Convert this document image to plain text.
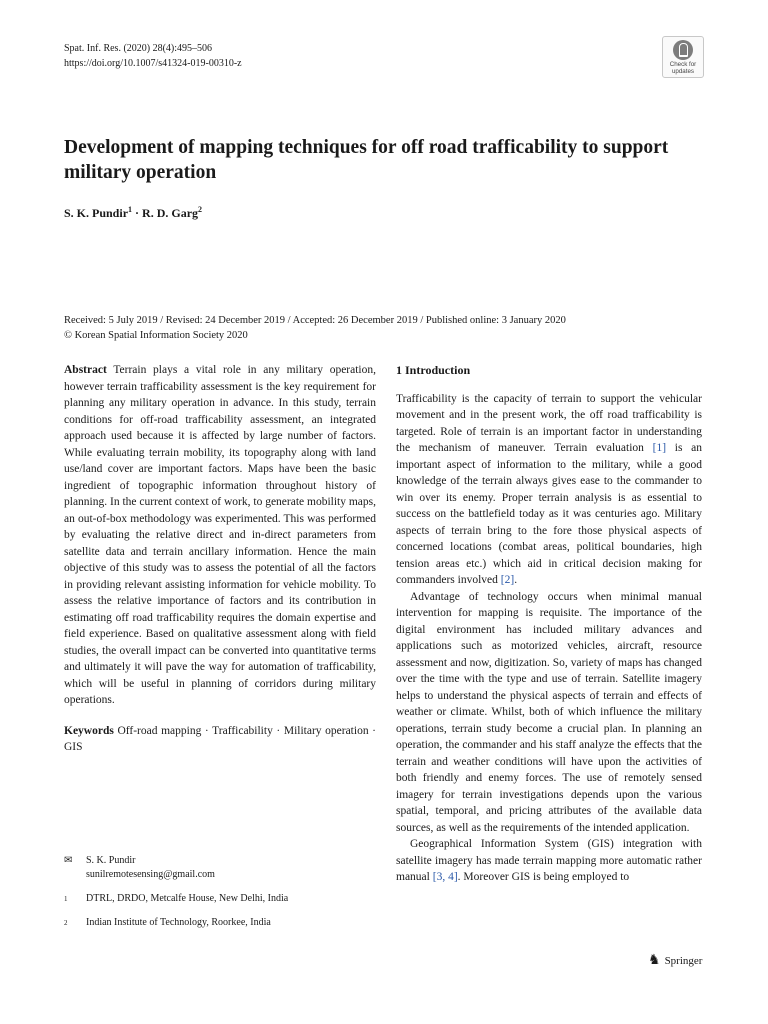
Spat. Inf. Res. (2020) 28(4):495–506
https://doi.org/10.1007/s41324-019-00310-z	Check for updates
Development of mapping techniques for off road trafficability to support military operation
S. K. Pundir$^1$ · R. D. Garg$^2$
Received: 5 July 2019 / Revised: 24 December 2019 / Accepted: 26 December 2019 / Published online: 3 January 2020
© Korean Spatial Information Society 2020
Abstract Terrain plays a vital role in any military operation, however terrain trafficability assessment is the key requirement for planning any military operation in advance. In this study, terrain conditions for off-road trafficability assessment, an integrated approach used because it is affected by large number of factors. While evaluating terrain mobility, its topography along with land use/land cover are important factors. Maps have been the basic ingredient of topographic information throughout history of planning. In the current context of work, to generate mobility maps, an out-of-box methodology was experimented. This was performed by evaluating the relative direct and in-direct parameters from satellite data and terrain ancillary information. Hence the main objective of this study was to assess the potential of all the factors in providing relevant assisting information for vehicle mobility. To assess the relative importance of factors and its contribution in estimating off road trafficability requires the domain expertise and field experience. Based on qualitative assessment along with field studies, the overall impact can be converted into quantitative terms and ultimately it will pave the way for automation of trafficability, which will be useful in planning of corridors during military operations.
Keywords Off-road mapping · Trafficability · Military operation · GIS
✉	S. K. Pundir
sunilremotesensing@gmail.com
1	DTRL, DRDO, Metcalfe House, New Delhi, India
2	Indian Institute of Technology, Roorkee, India
1 Introduction

Trafficability is the capacity of terrain to support the vehicular movement and in the present work, the off road trafficability is targeted. Role of terrain is an important factor in understanding the mechanism of maneuver. Terrain evaluation [1] is an important aspect of information to the military, while a good knowledge of the terrain always gives ease to the commander to win over its enemy. Proper terrain analysis is as essential to success on the battlefield today as it was centuries ago. Military aspects of terrain bring to the fore those physical aspects of concerned locations (combat areas, political boundaries, high tension areas etc.) which aid in critical decision making for commanders involved [2].

Advantage of technology occurs when minimal manual intervention for mapping is requisite. The importance of the digital environment has included military advances and applications such as motorized vehicles, aircraft, resource assessment and now, digitization. So, variety of maps has changed over the time with the type and use of terrain. Satellite imagery helps to understand the physical aspects of terrain and effects of weather or climate. Whilst, both of which influence the military operations, terrain study become a crucial plan. In planning an operation, the commander and his staff analyze the effects that the terrain and weather conditions will have upon the activities of both friendly and enemy forces. The use of remotely sensed imagery for terrain investigations depends upon the various spatial, temporal, and pricing attributes of the available data sources, as well as the requirements of the intended application.

Geographical Information System (GIS) integration with satellite imagery has made terrain mapping more automatic rather manual [3, 4]. Moreover GIS is being employed to

♞ Springer
